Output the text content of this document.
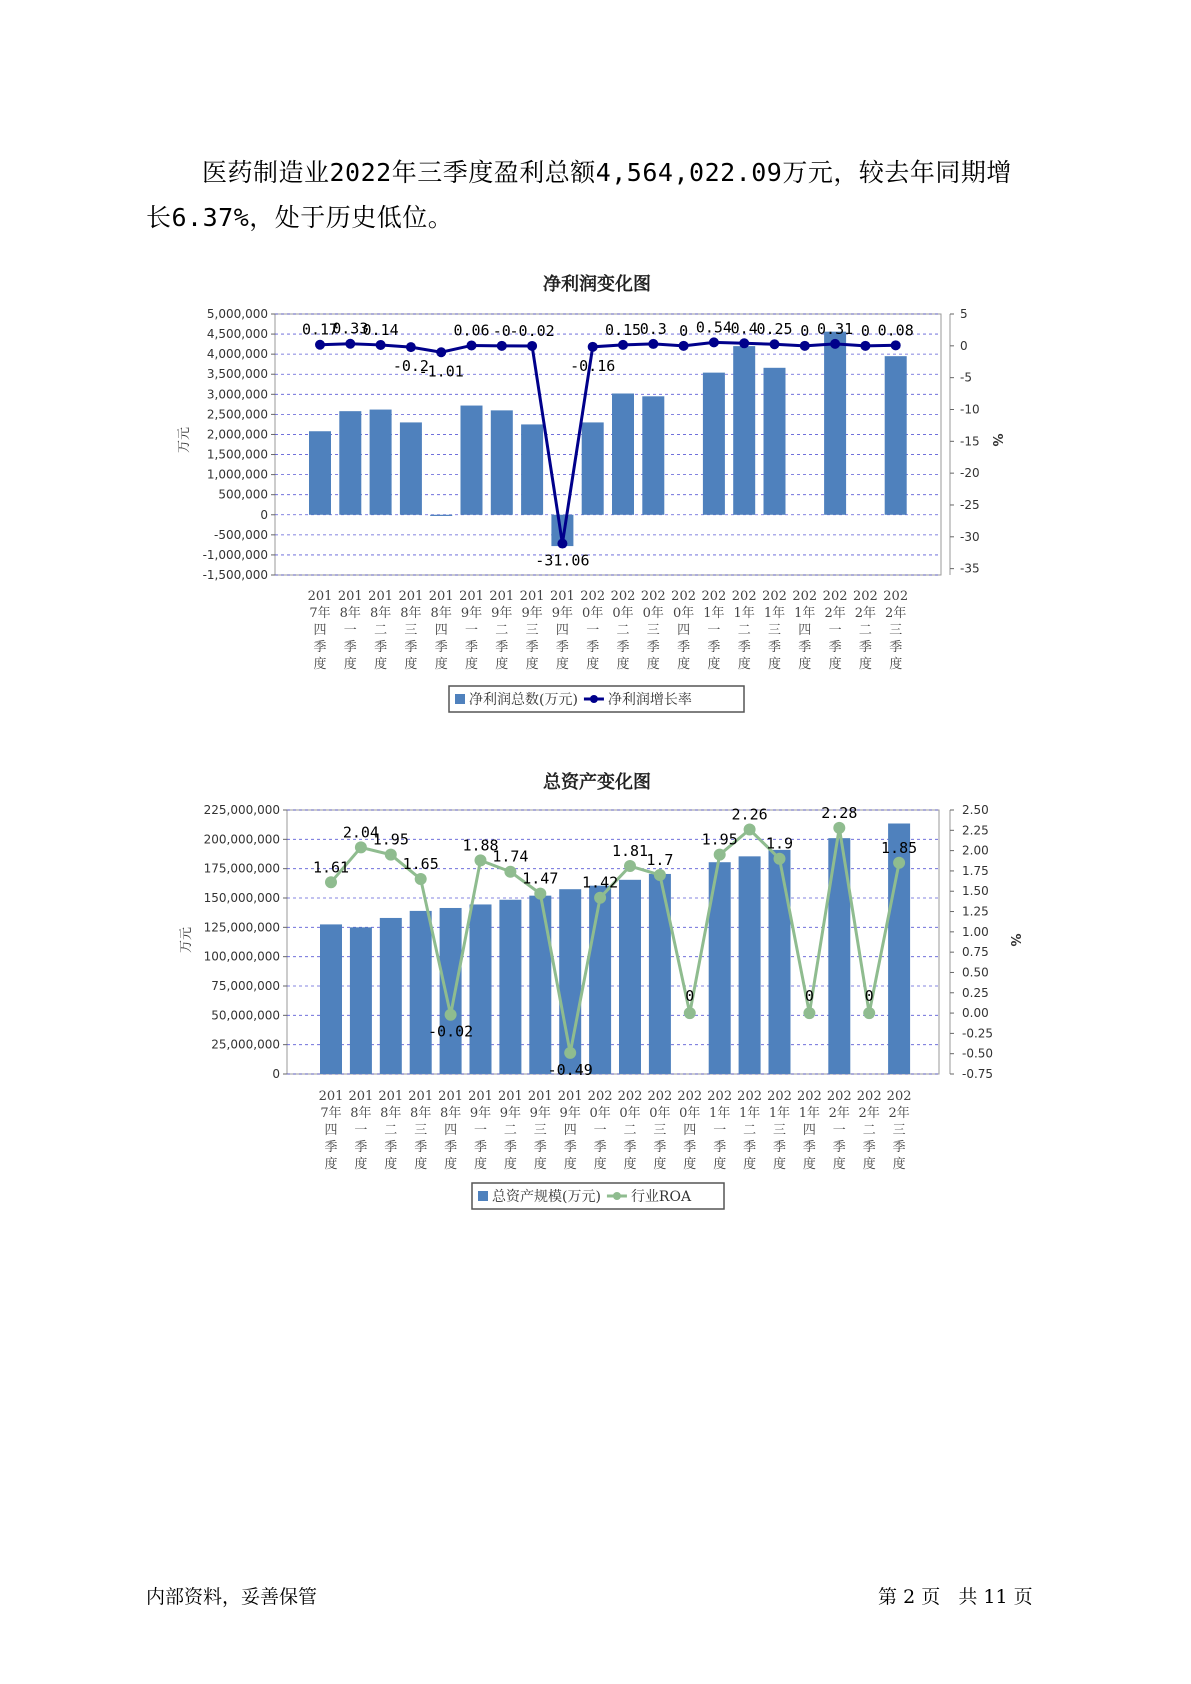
医药制造业2022年三季度盈利总额4,564,022.09万元，较去年同期增
长6.37%，处于历史低位。
净利润变化图
5,000,000
4,500,000
4,000,000
3,500,000
3,000,000
2,500,000
2,000,000
1,500,000
1,000,000
500,000
0
-500,000
-1,000,000
-1,500,000
5
0
-5
-10
-15
-20
-25
-30
-35
万元	%
0.17
0.33
0.14
-0.2
-1.01
0.06 -0
-0.02
-31.06
-0.16
0.15
0.3 0 0.54
0.4
0.25 0 0.31 0 0.08
201
7年
四
季
度
201
8年
一
季
度
201
8年
二
季
度
201
8年
三
季
度
201
8年
四
季
度
201
9年
一
季
度
201
9年
二
季
度
201
9年
三
季
度
201
9年
四
季
度
202
0年
一
季
度
202
0年
二
季
度
202
0年
三
季
度
202
0年
四
季
度
202
1年
一
季
度
202
1年
二
季
度
202
1年
三
季
度
202
1年
四
季
度
202
2年
一
季
度
202
2年
二
季
度
202
2年
三
季
度
净利润总数(万元) 净利润增长率
总资产变化图
225,000,000
200,000,000
175,000,000
150,000,000
125,000,000
100,000,000
75,000,000
50,000,000
25,000,000
0
2.50
2.25
2.00
1.75
1.50
1.25
1.00
0.75
0.50
0.25
0.00
-0.25
-0.50
-0.75
万元	%
1.61
2.04
1.95
1.65
-0.02
1.88
1.74
1.47
-0.49
1.42
1.81
1.7
0
1.95
2.26
1.9
0
2.28
0
1.85
201
7年
四
季
度
201
8年
一
季
度
201
8年
二
季
度
201
8年
三
季
度
201
8年
四
季
度
201
9年
一
季
度
201
9年
二
季
度
201
9年
三
季
度
201
9年
四
季
度
202
0年
一
季
度
202
0年
二
季
度
202
0年
三
季
度
202
0年
四
季
度
202
1年
一
季
度
202
1年
二
季
度
202
1年
三
季
度
202
1年
四
季
度
202
2年
一
季
度
202
2年
二
季
度
202
2年
三
季
度
总资产规模(万元) 行业ROA
内部资料，妥善保管	第 2 页 共 11 页
